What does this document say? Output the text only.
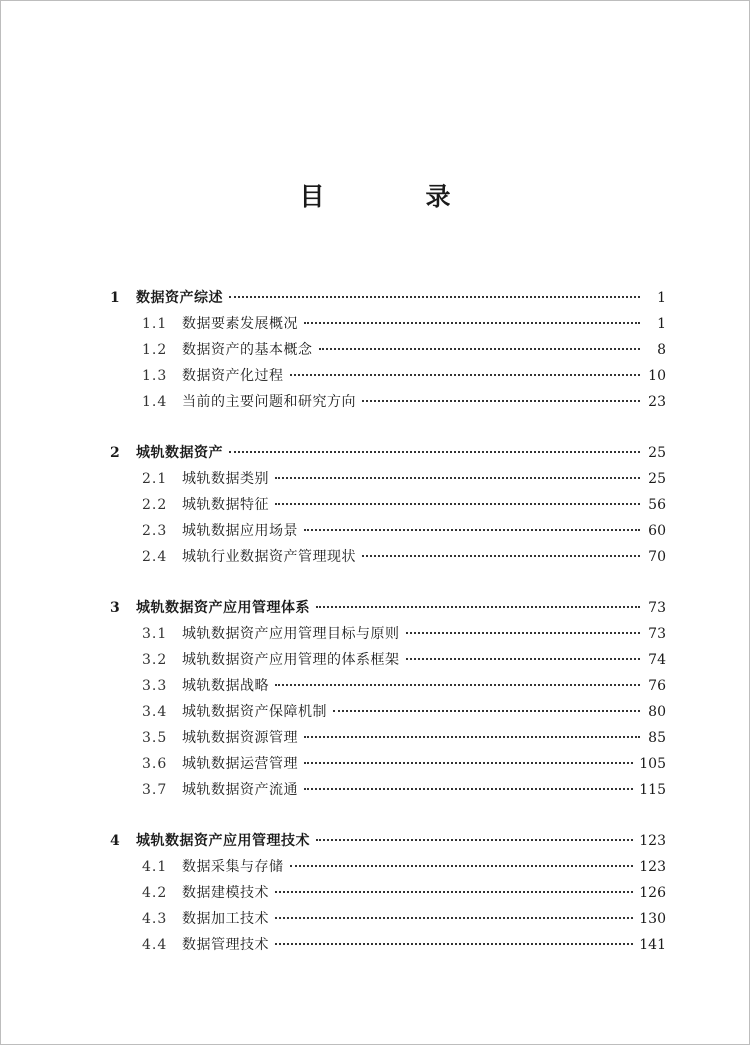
目　录
1	数据资产综述	1
1.1	数据要素发展概况	1
1.2	数据资产的基本概念	8
1.3	数据资产化过程	10
1.4	当前的主要问题和研究方向	23
2	城轨数据资产	25
2.1	城轨数据类别	25
2.2	城轨数据特征	56
2.3	城轨数据应用场景	60
2.4	城轨行业数据资产管理现状	70
3	城轨数据资产应用管理体系	73
3.1	城轨数据资产应用管理目标与原则	73
3.2	城轨数据资产应用管理的体系框架	74
3.3	城轨数据战略	76
3.4	城轨数据资产保障机制	80
3.5	城轨数据资源管理	85
3.6	城轨数据运营管理	105
3.7	城轨数据资产流通	115
4	城轨数据资产应用管理技术	123
4.1	数据采集与存储	123
4.2	数据建模技术	126
4.3	数据加工技术	130
4.4	数据管理技术	141
